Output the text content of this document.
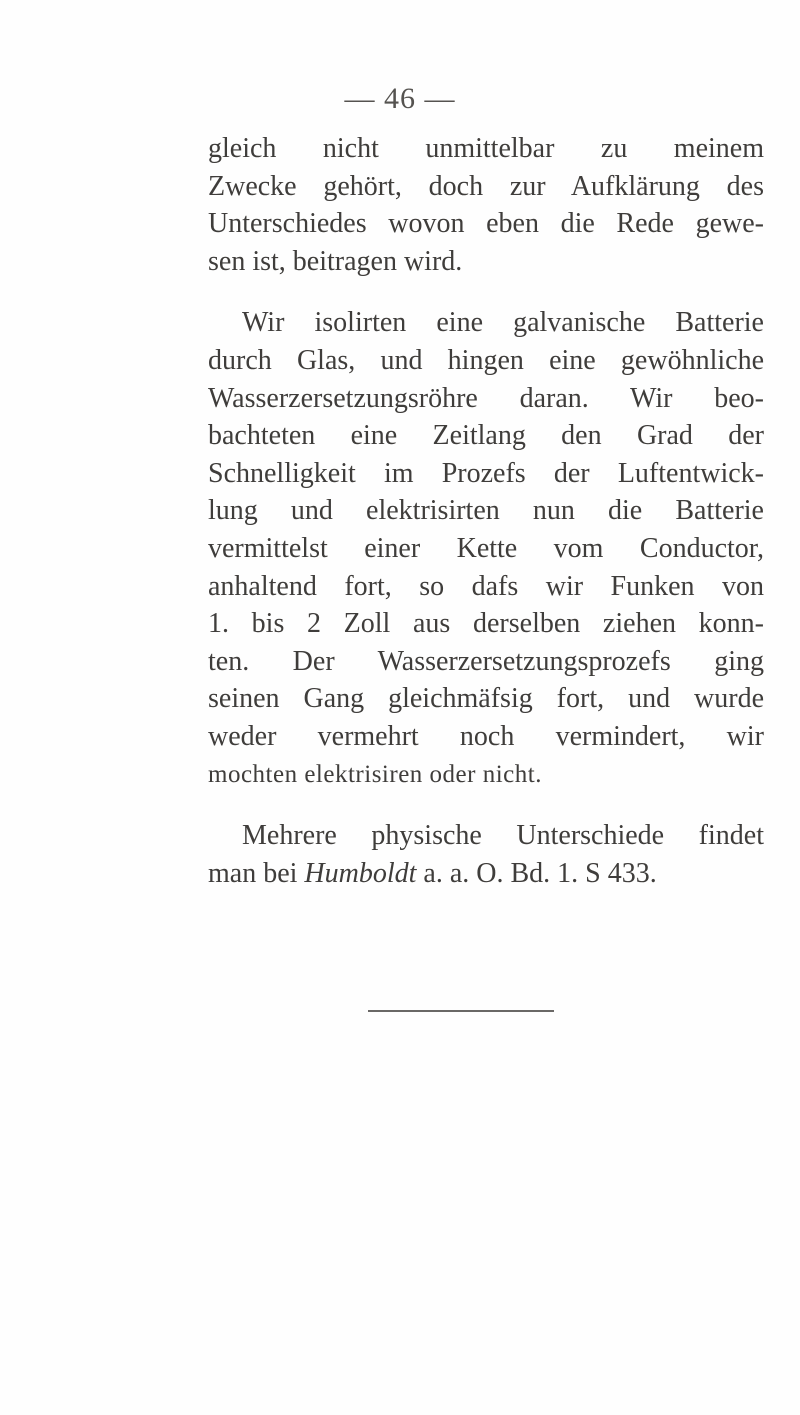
— 46 —
gleich nicht unmittelbar zu meinem
Zwecke gehört, doch zur Aufklärung des
Unterschiedes wovon eben die Rede gewe-
sen ist, beitragen wird.
Wir isolirten eine galvanische Batterie
durch Glas, und hingen eine gewöhnliche
Wasserzersetzungsröhre daran. Wir beo-
bachteten eine Zeitlang den Grad der
Schnelligkeit im Prozefs der Luftentwick-
lung und elektrisirten nun die Batterie
vermittelst einer Kette vom Conductor,
anhaltend fort, so dafs wir Funken von
1. bis 2 Zoll aus derselben ziehen konn-
ten. Der Wasserzersetzungsprozefs ging
seinen Gang gleichmäfsig fort, und wurde
weder vermehrt noch vermindert, wir
mochten elektrisiren oder nicht.
Mehrere physische Unterschiede findet
man bei Humboldt a. a. O. Bd. 1. S 433.
